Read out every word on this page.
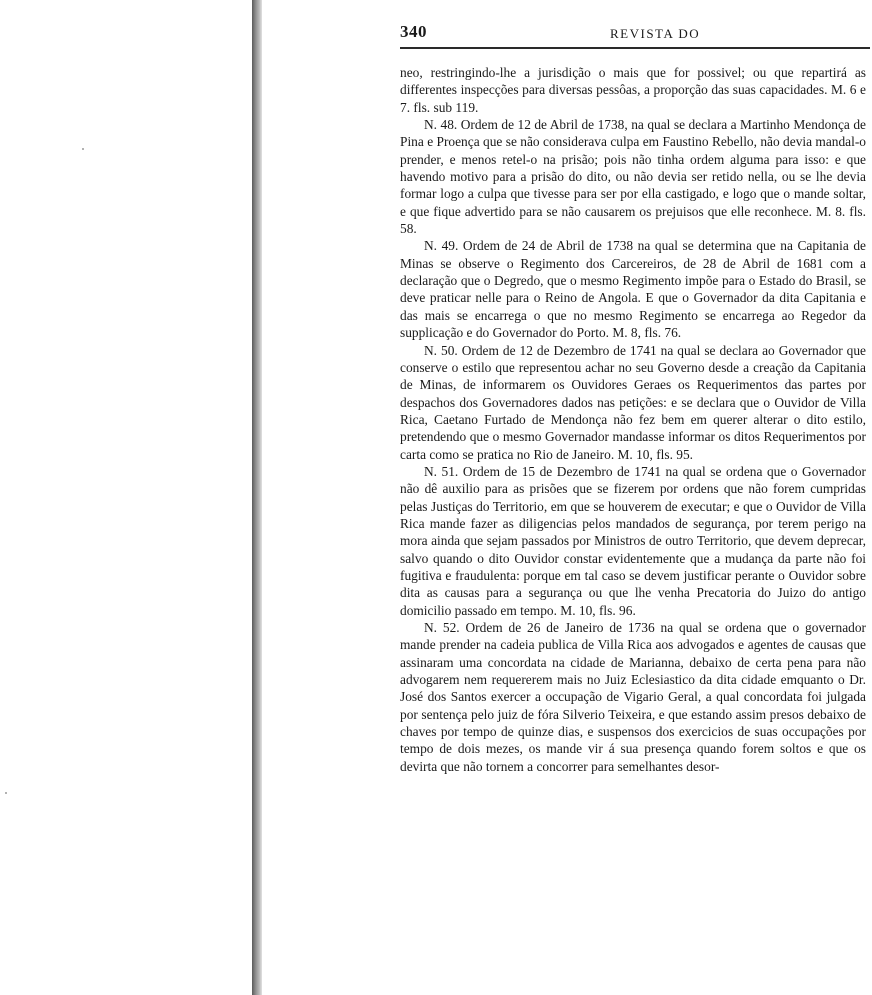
340	REVISTA DO

neo, restringindo-lhe a jurisdição o mais que for possivel; ou que repartirá as differentes inspecções para diversas pessôas, a proporção das suas capacidades. M. 6 e 7. fls. sub 119.

N. 48. Ordem de 12 de Abril de 1738, na qual se declara a Martinho Mendonça de Pina e Proença que se não considerava culpa em Faustino Rebello, não devia mandal-o prender, e menos retel-o na prisão; pois não tinha ordem alguma para isso: e que havendo motivo para a prisão do dito, ou não devia ser retido nella, ou se lhe devia formar logo a culpa que tivesse para ser por ella castigado, e logo que o mande soltar, e que fique advertido para se não causarem os prejuisos que elle reconhece. M. 8. fls. 58.

N. 49. Ordem de 24 de Abril de 1738 na qual se determina que na Capitania de Minas se observe o Regimento dos Carcereiros, de 28 de Abril de 1681 com a declaração que o Degredo, que o mesmo Regimento impõe para o Estado do Brasil, se deve praticar nelle para o Reino de Angola. E que o Governador da dita Capitania e das mais se encarrega o que no mesmo Regimento se encarrega ao Regedor da supplicação e do Governador do Porto. M. 8, fls. 76.

N. 50. Ordem de 12 de Dezembro de 1741 na qual se declara ao Governador que conserve o estilo que representou achar no seu Governo desde a creação da Capitania de Minas, de informarem os Ouvidores Geraes os Requerimentos das partes por despachos dos Governadores dados nas petições: e se declara que o Ouvidor de Villa Rica, Caetano Furtado de Mendonça não fez bem em querer alterar o dito estilo, pretendendo que o mesmo Governador mandasse informar os ditos Requerimentos por carta como se pratica no Rio de Janeiro. M. 10, fls. 95.

N. 51. Ordem de 15 de Dezembro de 1741 na qual se ordena que o Governador não dê auxilio para as prisões que se fizerem por ordens que não forem cumpridas pelas Justiças do Territorio, em que se houverem de executar; e que o Ouvidor de Villa Rica mande fazer as diligencias pelos mandados de segurança, por terem perigo na mora ainda que sejam passados por Ministros de outro Territorio, que devem deprecar, salvo quando o dito Ouvidor constar evidentemente que a mudança da parte não foi fugitiva e fraudulenta: porque em tal caso se devem justificar perante o Ouvidor sobre dita as causas para a segurança ou que lhe venha Precatoria do Juizo do antigo domicilio passado em tempo. M. 10, fls. 96.

N. 52. Ordem de 26 de Janeiro de 1736 na qual se ordena que o governador mande prender na cadeia publica de Villa Rica aos advogados e agentes de causas que assinaram uma concordata na cidade de Marianna, debaixo de certa pena para não advogarem nem requererem mais no Juiz Eclesiastico da dita cidade emquanto o Dr. José dos Santos exercer a occupação de Vigario Geral, a qual concordata foi julgada por sentença pelo juiz de fóra Silverio Teixeira, e que estando assim presos debaixo de chaves por tempo de quinze dias, e suspensos dos exercicios de suas occupações por tempo de dois mezes, os mande vir á sua presença quando forem soltos e que os devirta que não tornem a concorrer para semelhantes desor-
